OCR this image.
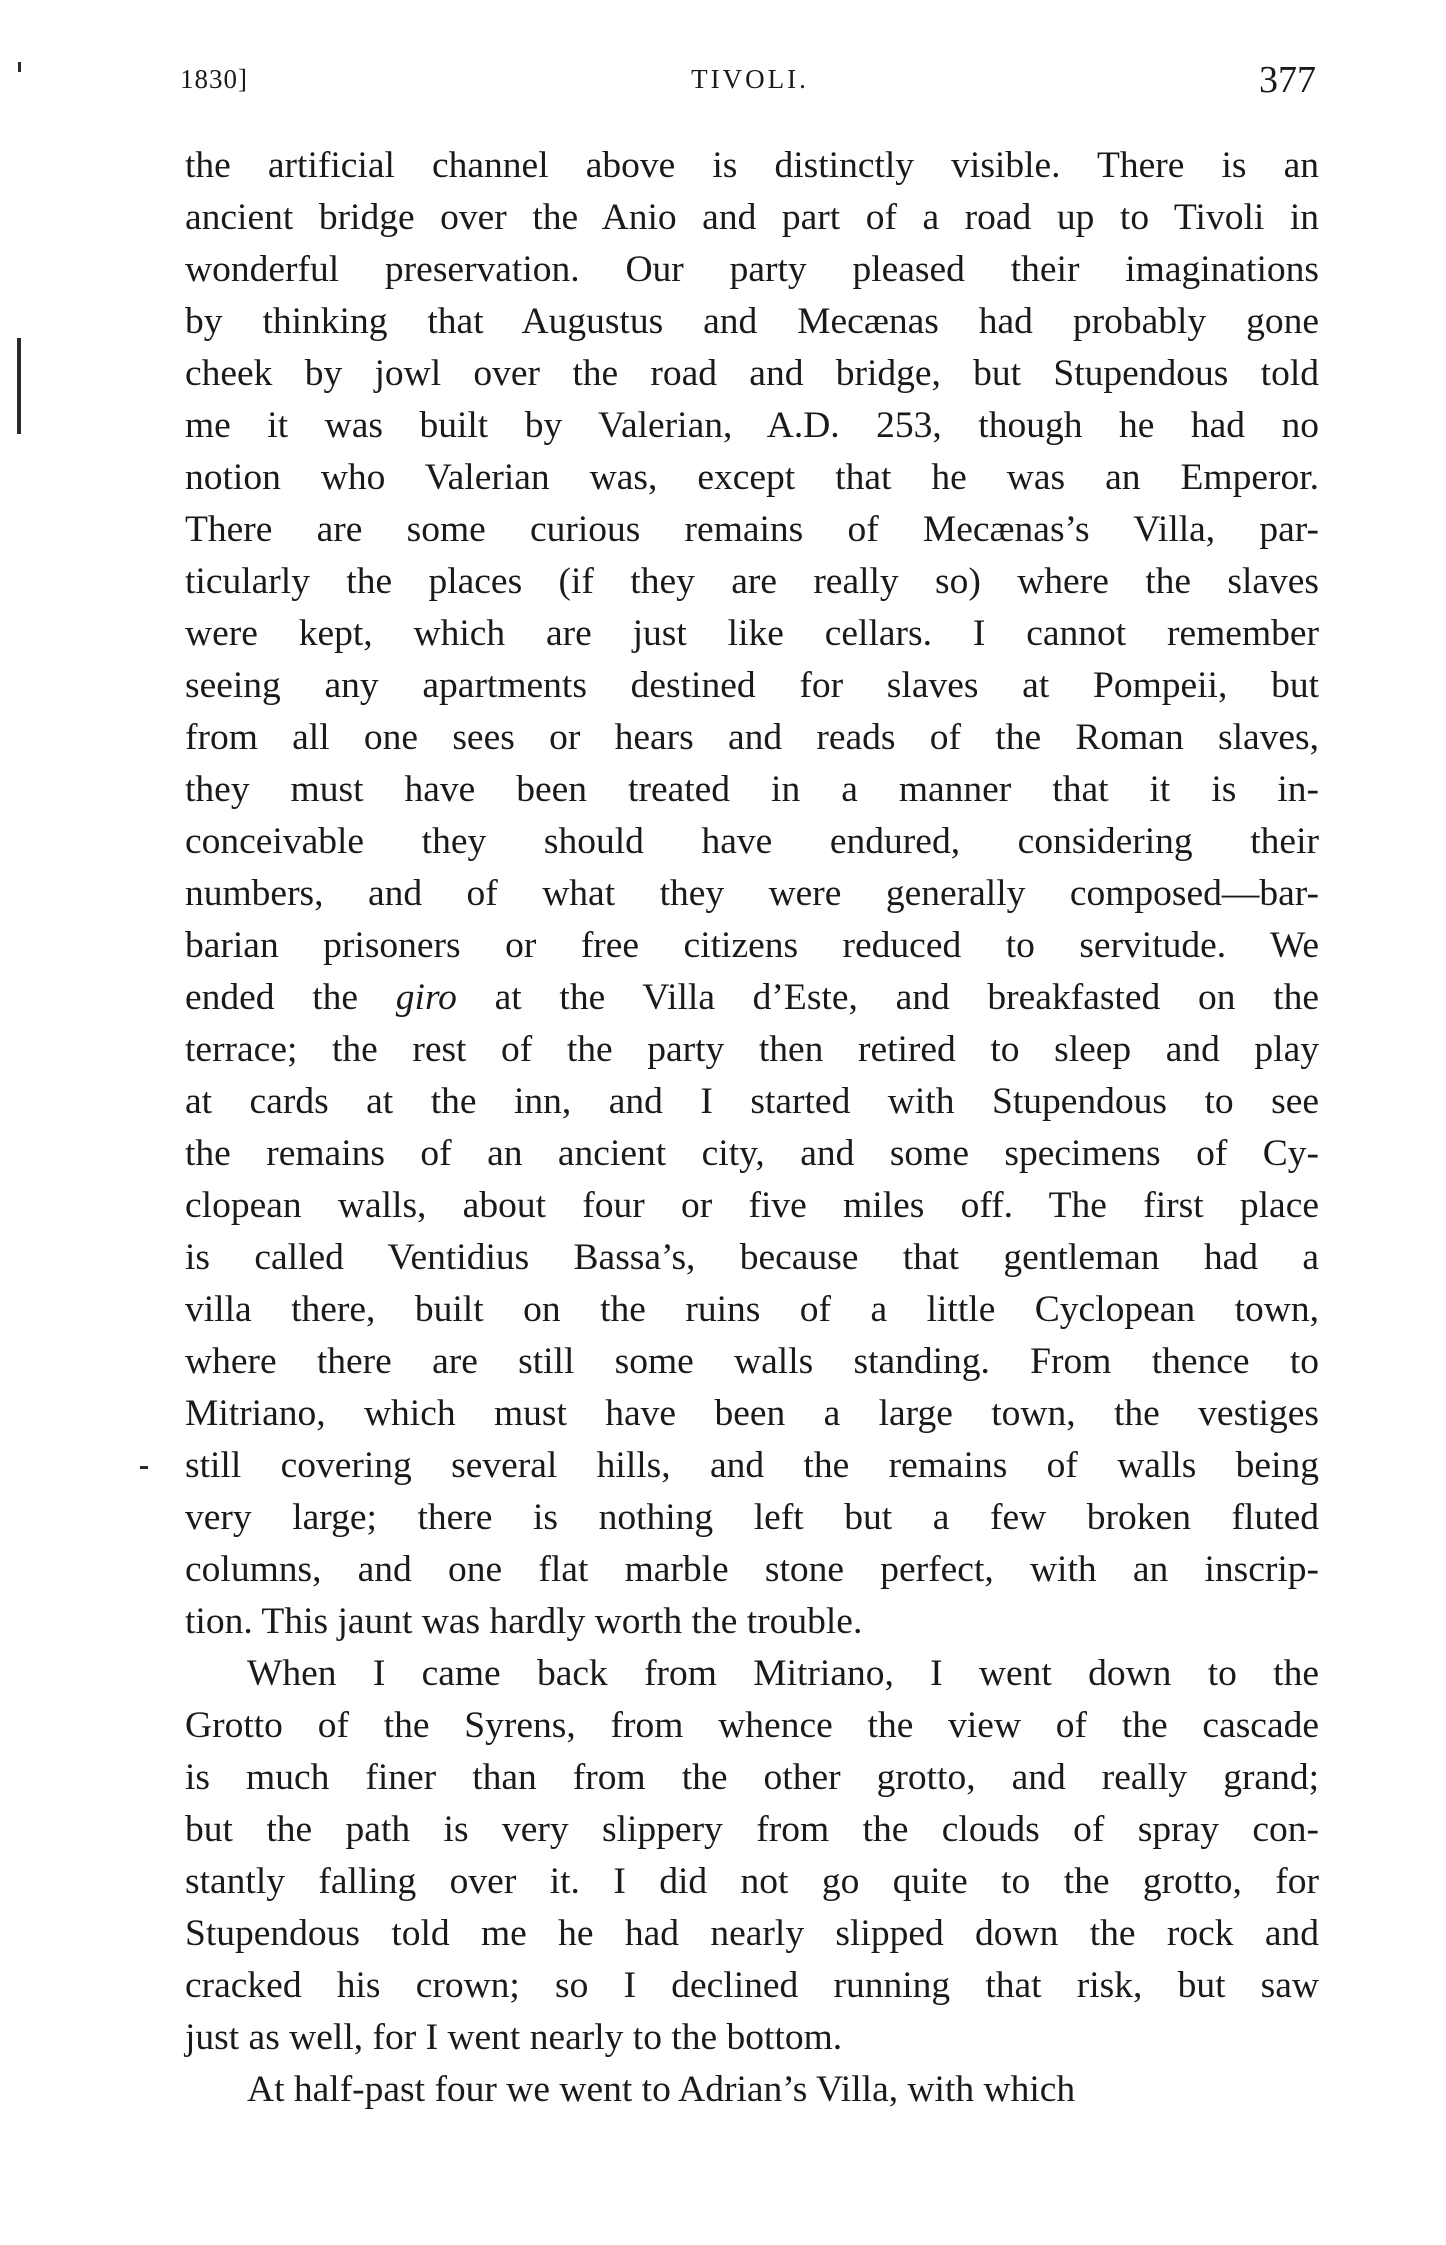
1830]	TIVOLI.	377

the artificial channel above is distinctly visible. There is an

ancient bridge over the Anio and part of a road up to Tivoli in

wonderful preservation. Our party pleased their imaginations

by thinking that Augustus and Mecænas had probably gone

cheek by jowl over the road and bridge, but Stupendous told

me it was built by Valerian, A.D. 253, though he had no

notion who Valerian was, except that he was an Emperor.

There are some curious remains of Mecænas’s Villa, par-

ticularly the places (if they are really so) where the slaves

were kept, which are just like cellars. I cannot remember

seeing any apartments destined for slaves at Pompeii, but

from all one sees or hears and reads of the Roman slaves,

they must have been treated in a manner that it is in-

conceivable they should have endured, considering their

numbers, and of what they were generally composed—bar-

barian prisoners or free citizens reduced to servitude. We

ended the giro at the Villa d’Este, and breakfasted on the

terrace; the rest of the party then retired to sleep and play

at cards at the inn, and I started with Stupendous to see

the remains of an ancient city, and some specimens of Cy-

clopean walls, about four or five miles off. The first place

is called Ventidius Bassa’s, because that gentleman had a

villa there, built on the ruins of a little Cyclopean town,

where there are still some walls standing. From thence to

Mitriano, which must have been a large town, the vestiges

still covering several hills, and the remains of walls being

very large; there is nothing left but a few broken fluted

columns, and one flat marble stone perfect, with an inscrip-

tion. This jaunt was hardly worth the trouble.

When I came back from Mitriano, I went down to the

Grotto of the Syrens, from whence the view of the cascade

is much finer than from the other grotto, and really grand;

but the path is very slippery from the clouds of spray con-

stantly falling over it. I did not go quite to the grotto, for

Stupendous told me he had nearly slipped down the rock and

cracked his crown; so I declined running that risk, but saw

just as well, for I went nearly to the bottom.

At half-past four we went to Adrian’s Villa, with which
